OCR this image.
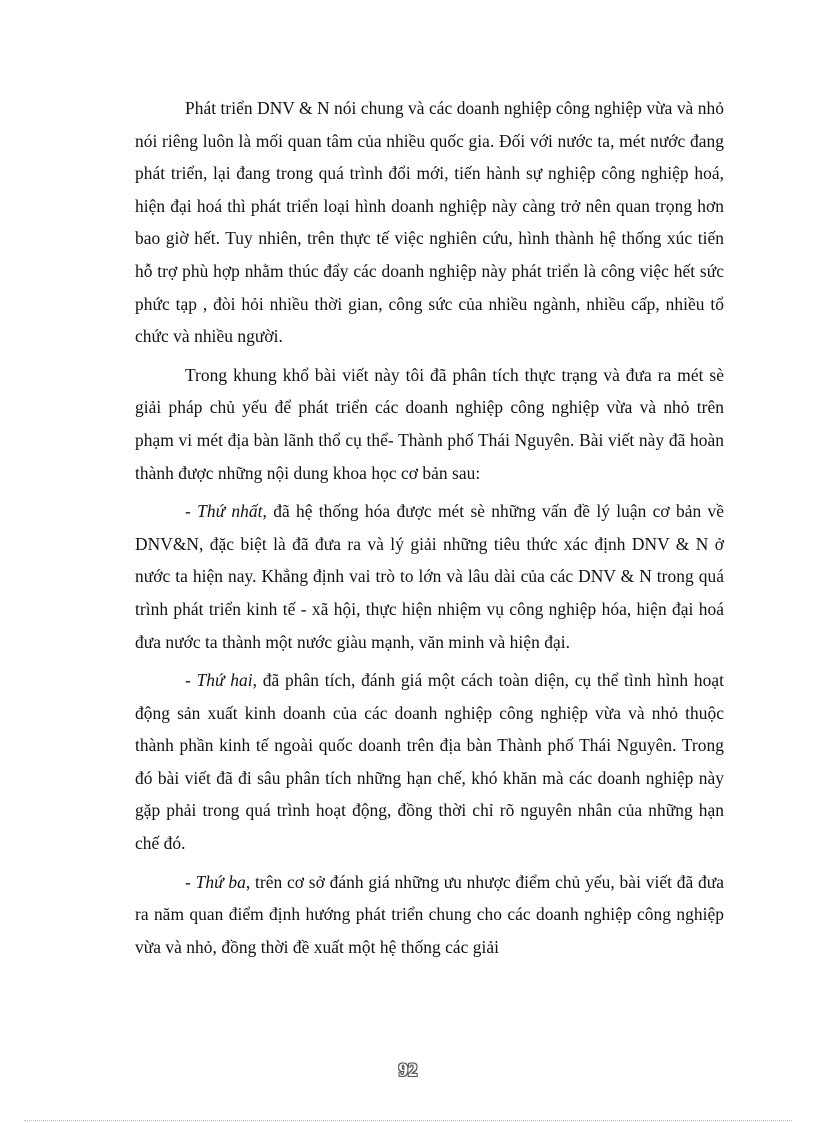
Phát triển DNV & N nói chung và các doanh nghiệp công nghiệp vừa và nhỏ nói riêng luôn là mối quan tâm của nhiều quốc gia. Đối với nước ta, mét nước đang phát triển, lại đang trong quá trình đổi mới, tiến hành sự nghiệp công nghiệp hoá, hiện đại hoá thì phát triển loại hình doanh nghiệp này càng trở nên quan trọng hơn bao giờ hết. Tuy nhiên, trên thực tế việc nghiên cứu, hình thành hệ thống xúc tiến hỗ trợ phù hợp nhằm thúc đẩy các doanh nghiệp này phát triển là công việc hết sức phức tạp , đòi hỏi nhiều thời gian, công sức của nhiều ngành, nhiều cấp, nhiều tổ chức và nhiều người.

Trong khung khổ bài viết này tôi đã phân tích thực trạng và đưa ra mét sè giải pháp chủ yếu để phát triển các doanh nghiệp công nghiệp vừa và nhỏ trên phạm vi mét địa bàn lãnh thổ cụ thể- Thành phố Thái Nguyên. Bài viết này đã hoàn thành được những nội dung khoa học cơ bản sau:

- Thứ nhất, đã hệ thống hóa được mét sè những vấn đề lý luận cơ bản về DNV&N, đặc biệt là đã đưa ra và lý giải những tiêu thức xác định DNV & N ở nước ta hiện nay. Khẳng định vai trò to lớn và lâu dài của các DNV & N trong quá trình phát triển kinh tế - xã hội, thực hiện nhiệm vụ công nghiệp hóa, hiện đại hoá đưa nước ta thành một nước giàu mạnh, văn minh và hiện đại.

- Thứ hai, đã phân tích, đánh giá một cách toàn diện, cụ thể tình hình hoạt động sản xuất kinh doanh của các doanh nghiệp công nghiệp vừa và nhỏ thuộc thành phần kinh tế ngoài quốc doanh trên địa bàn Thành phố Thái Nguyên. Trong đó bài viết đã đi sâu phân tích những hạn chế, khó khăn mà các doanh nghiệp này gặp phải trong quá trình hoạt động, đồng thời chỉ rõ nguyên nhân của những hạn chế đó.

- Thứ ba, trên cơ sở đánh giá những ưu nhược điểm chủ yếu, bài viết đã đưa ra năm quan điểm định hướng phát triển chung cho các doanh nghiệp công nghiệp vừa và nhỏ, đồng thời đề xuất một hệ thống các giải

92
